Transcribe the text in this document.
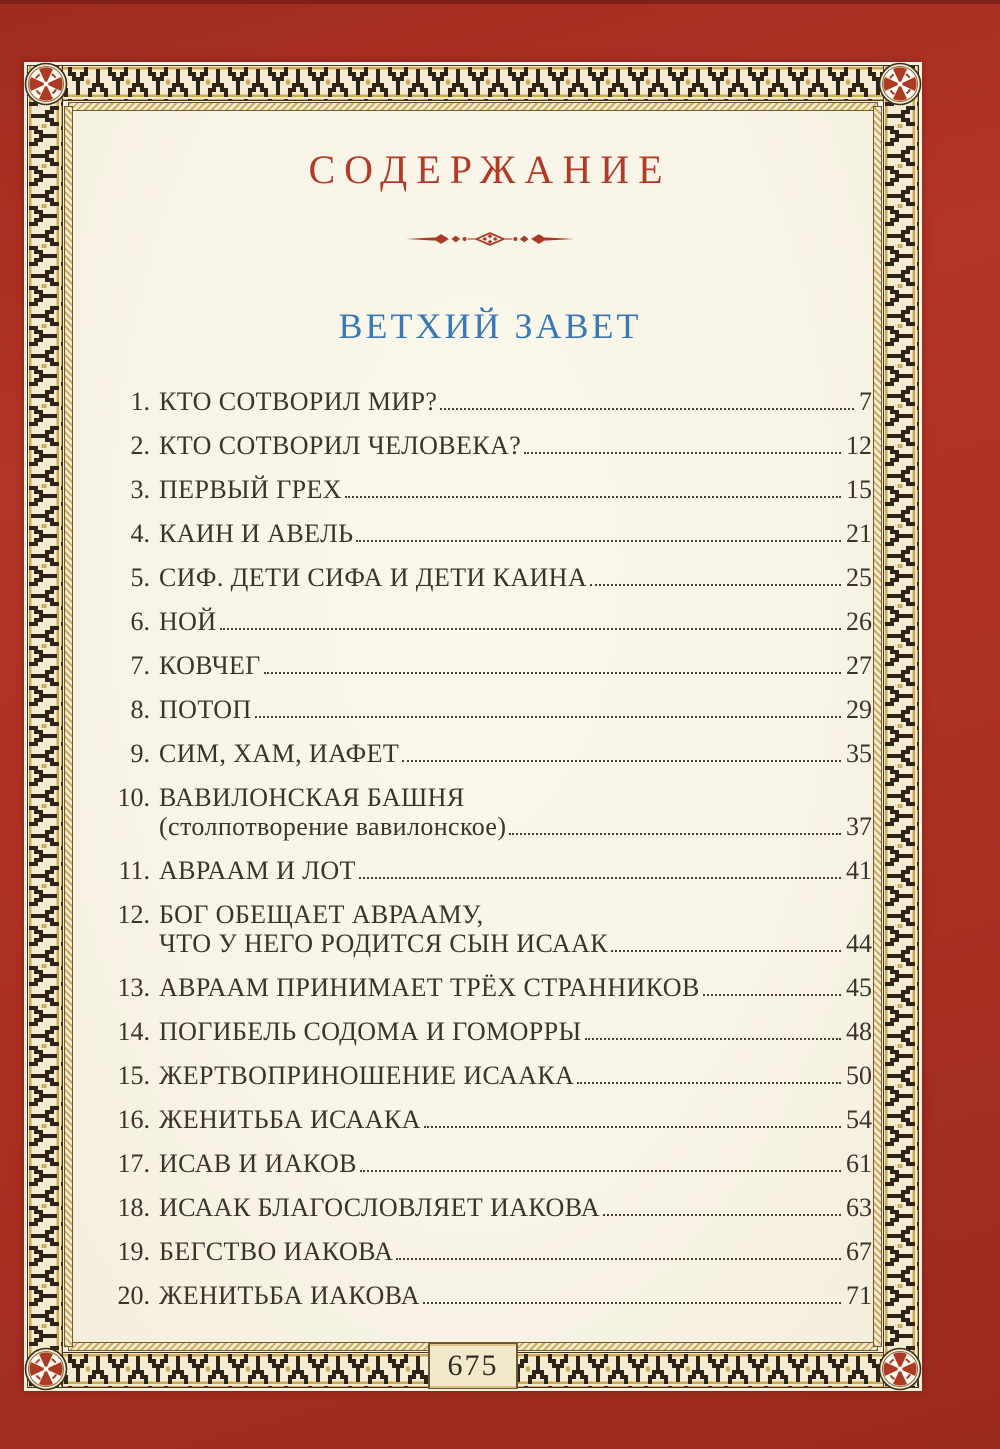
675
СОДЕРЖАНИЕ
ВЕТХИЙ ЗАВЕТ
1. КТО СОТВОРИЛ МИР?	7
2. КТО СОТВОРИЛ ЧЕЛОВЕКА?	12
3. ПЕРВЫЙ ГРЕХ	15
4. КАИН И АВЕЛЬ	21
5. СИФ. ДЕТИ СИФА И ДЕТИ КАИНА	25
6. НОЙ	26
7. КОВЧЕГ	27
8. ПОТОП	29
9. СИМ, ХАМ, ИАФЕТ	35
10. ВАВИЛОНСКАЯ БАШНЯ
(столпотворение вавилонское)	37
11. АВРААМ И ЛОТ	41
12. БОГ ОБЕЩАЕТ АВРААМУ,
ЧТО У НЕГО РОДИТСЯ СЫН ИСААК	44
13. АВРААМ ПРИНИМАЕТ ТРЁХ СТРАННИКОВ	45
14. ПОГИБЕЛЬ СОДОМА И ГОМОРРЫ	48
15. ЖЕРТВОПРИНОШЕНИЕ ИСААКА	50
16. ЖЕНИТЬБА ИСААКА	54
17. ИСАВ И ИАКОВ	61
18. ИСААК БЛАГОСЛОВЛЯЕТ ИАКОВА	63
19. БЕГСТВО ИАКОВА	67
20. ЖЕНИТЬБА ИАКОВА	71
